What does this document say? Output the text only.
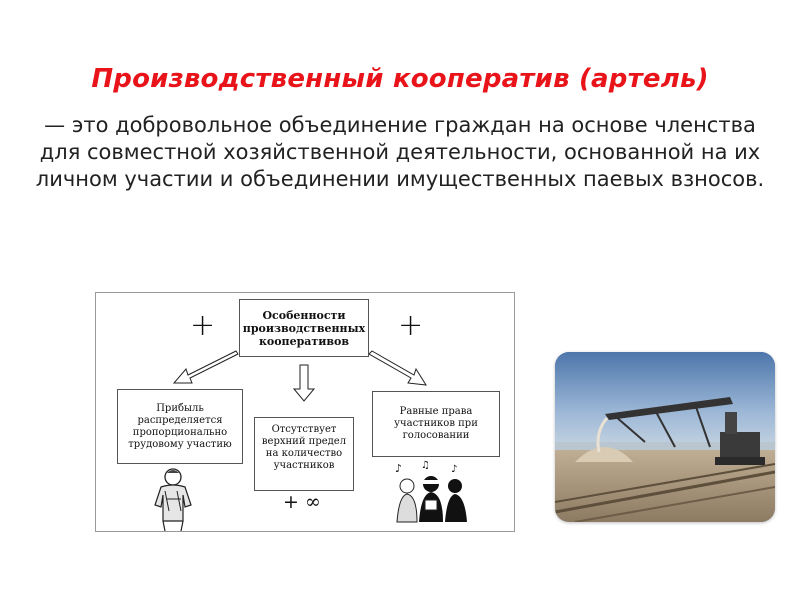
Производственный кооператив (артель)
— это добровольное объединение граждан на основе членства для совместной хозяйственной деятельности, основанной на их личном участии и объединении имущественных паевых взносов.
+	+
Особенности
производственных
кооперативов
Прибыль
распределяется
пропорционально
трудовому участию
Отсутствует
верхний предел
на количество
участников
+ ∞
Равные права
участников при
голосовании
♪ ♫ ♪
